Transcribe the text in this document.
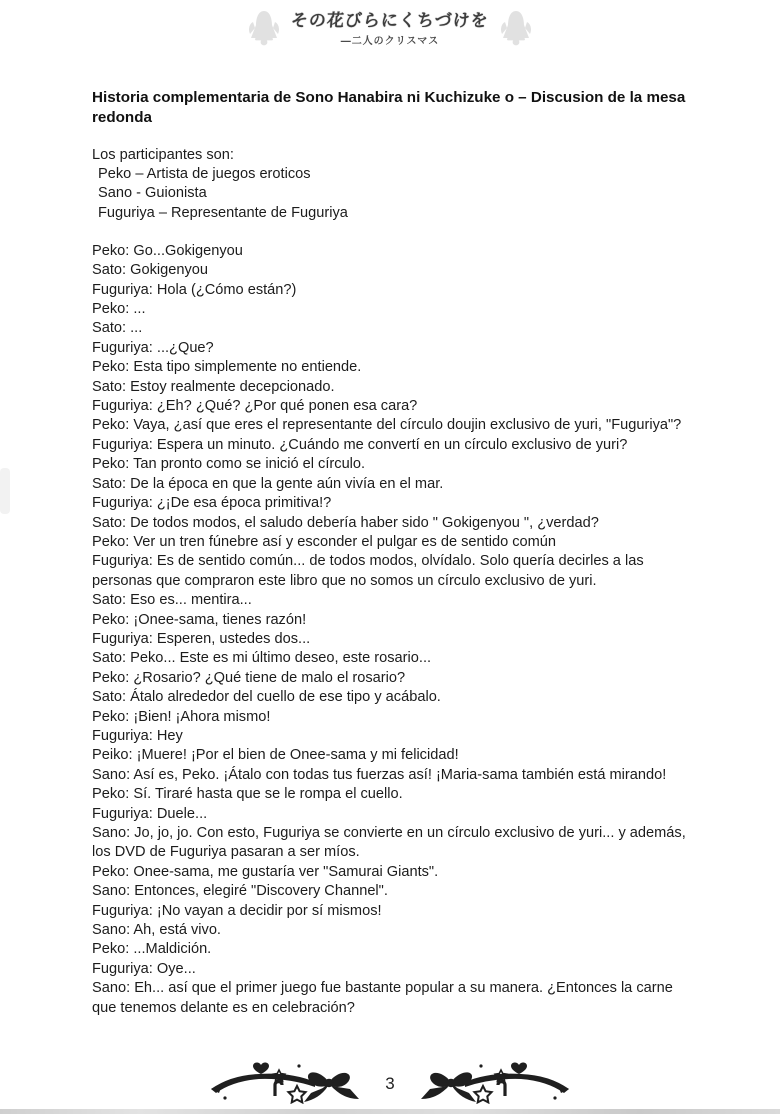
その花びらにくちづけを
―二人のクリスマス
Historia complementaria de Sono Hanabira ni Kuchizuke o – Discusion de la mesa redonda
Los participantes son:
Peko – Artista de juegos eroticos
Sano - Guionista
Fuguriya – Representante de Fuguriya
Peko: Go...Gokigenyou
Sato: Gokigenyou
Fuguriya: Hola (¿Cómo están?)
Peko: ...
Sato: ...
Fuguriya: ...¿Que?
Peko: Esta tipo simplemente no entiende.
Sato: Estoy realmente decepcionado.
Fuguriya: ¿Eh? ¿Qué? ¿Por qué ponen esa cara?
Peko: Vaya, ¿así que eres el representante del círculo doujin exclusivo de yuri, "Fuguriya"?
Fuguriya: Espera un minuto. ¿Cuándo me convertí en un círculo exclusivo de yuri?
Peko: Tan pronto como se inició el círculo.
Sato: De la época en que la gente aún vivía en el mar.
Fuguriya: ¿¡De esa época primitiva!?
Sato: De todos modos, el saludo debería haber sido " Gokigenyou ", ¿verdad?
Peko: Ver un tren fúnebre así y esconder el pulgar es de sentido común
Fuguriya: Es de sentido común... de todos modos, olvídalo. Solo quería decirles a las personas que compraron este libro que no somos un círculo exclusivo de yuri.
Sato: Eso es... mentira...
Peko: ¡Onee-sama, tienes razón!
Fuguriya: Esperen, ustedes dos...
Sato: Peko... Este es mi último deseo, este rosario...
Peko: ¿Rosario? ¿Qué tiene de malo el rosario?
Sato: Átalo alrededor del cuello de ese tipo y acábalo.
Peko: ¡Bien! ¡Ahora mismo!
Fuguriya: Hey
Peiko: ¡Muere! ¡Por el bien de Onee-sama y mi felicidad!
Sano: Así es, Peko. ¡Átalo con todas tus fuerzas así! ¡Maria-sama también está mirando!
Peko: Sí. Tiraré hasta que se le rompa el cuello.
Fuguriya: Duele...
Sano: Jo, jo, jo. Con esto, Fuguriya se convierte en un círculo exclusivo de yuri... y además, los DVD de Fuguriya pasaran a ser míos.
Peko: Onee-sama, me gustaría ver "Samurai Giants".
Sano: Entonces, elegiré "Discovery Channel".
Fuguriya: ¡No vayan a decidir por sí mismos!
Sano: Ah, está vivo.
Peko: ...Maldición.
Fuguriya: Oye...
Sano: Eh... así que el primer juego fue bastante popular a su manera. ¿Entonces la carne que tenemos delante es en celebración?
3
